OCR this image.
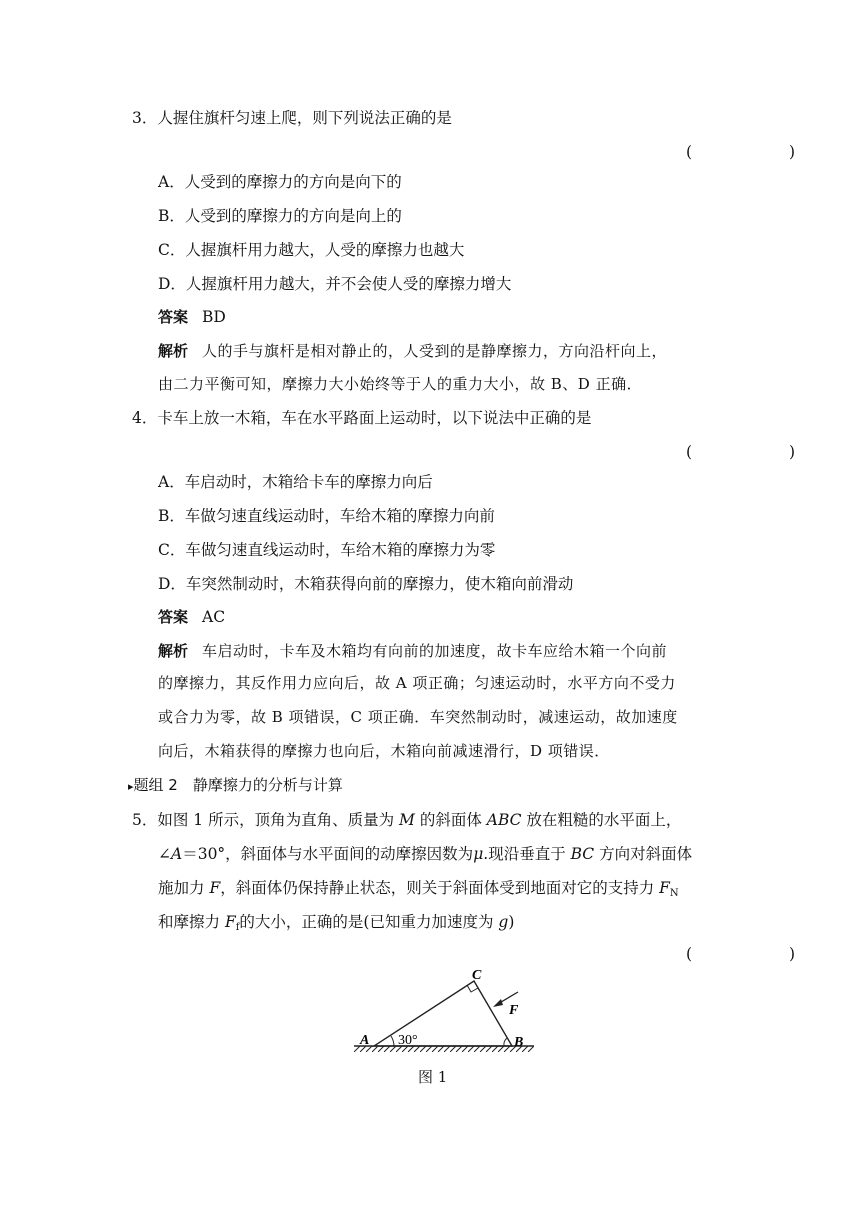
3．人握住旗杆匀速上爬，则下列说法正确的是
(　　)
A．人受到的摩擦力的方向是向下的
B．人受到的摩擦力的方向是向上的
C．人握旗杆用力越大，人受的摩擦力也越大
D．人握旗杆用力越大，并不会使人受的摩擦力增大
答案 BD
解析 人的手与旗杆是相对静止的，人受到的是静摩擦力，方向沿杆向上，
由二力平衡可知，摩擦力大小始终等于人的重力大小，故 B、D 正确．
4．卡车上放一木箱，车在水平路面上运动时，以下说法中正确的是
(　　)
A．车启动时，木箱给卡车的摩擦力向后
B．车做匀速直线运动时，车给木箱的摩擦力向前
C．车做匀速直线运动时，车给木箱的摩擦力为零
D．车突然制动时，木箱获得向前的摩擦力，使木箱向前滑动
答案 AC
解析 车启动时，卡车及木箱均有向前的加速度，故卡车应给木箱一个向前
的摩擦力，其反作用力应向后，故 A 项正确；匀速运动时，水平方向不受力
或合力为零，故 B 项错误，C 项正确．车突然制动时，减速运动，故加速度
向后，木箱获得的摩擦力也向后，木箱向前减速滑行，D 项错误．
▸题组 2　静摩擦力的分析与计算
5．如图 1 所示，顶角为直角、质量为 M 的斜面体 ABC 放在粗糙的水平面上，
∠A＝30°，斜面体与水平面间的动摩擦因数为μ.现沿垂直于 BC 方向对斜面体
施加力 F，斜面体仍保持静止状态，则关于斜面体受到地面对它的支持力 $F_N$
和摩擦力 $F_f$的大小，正确的是(已知重力加速度为 g)
(　　)
A 30°	B
C
F
图 1
